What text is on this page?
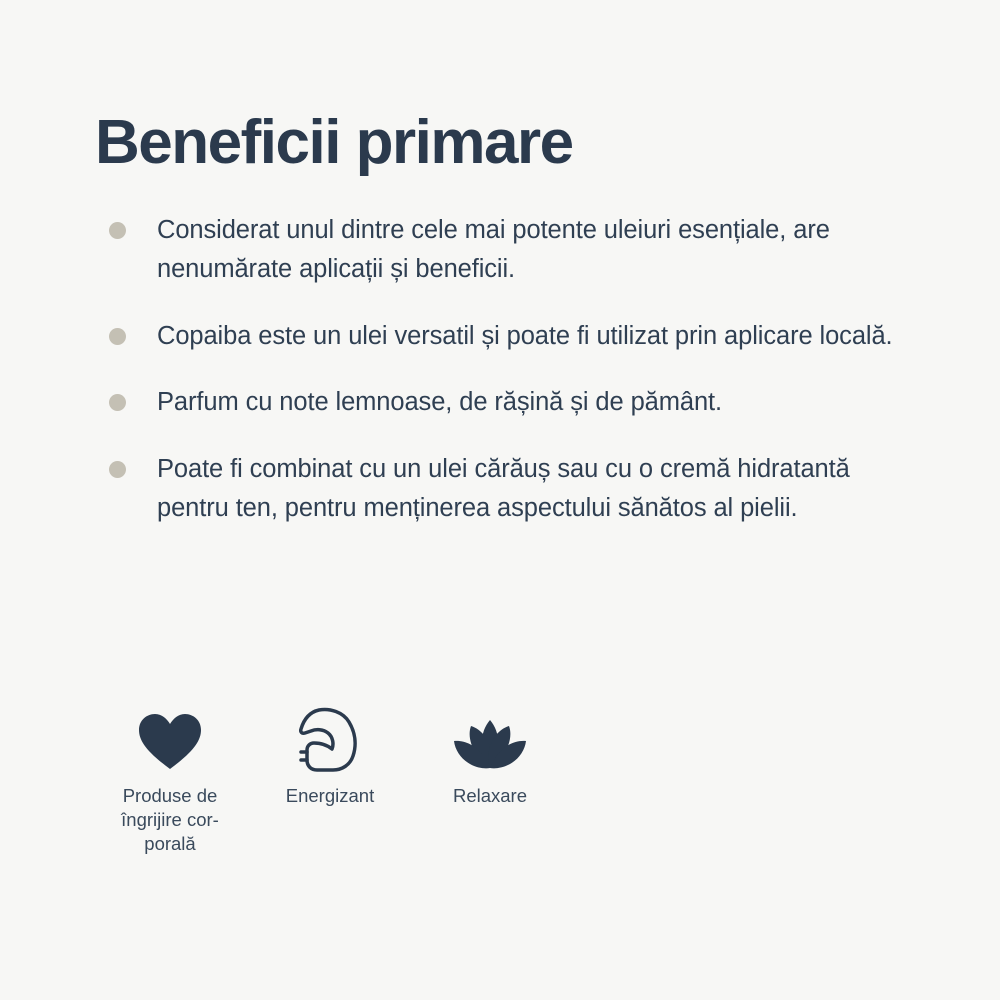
Beneficii primare
Considerat unul dintre cele mai potente uleiuri esențiale, are nenumărate aplicații și beneficii.
Copaiba este un ulei versatil și poate fi utilizat prin aplicare locală.
Parfum cu note lemnoase, de rășină și de pământ.
Poate fi combinat cu un ulei cărăuș sau cu o cremă hidratantă pentru ten, pentru menținerea aspectului sănătos al pielii.
Produse de îngrijire cor-porală
Energizant	Relaxare
